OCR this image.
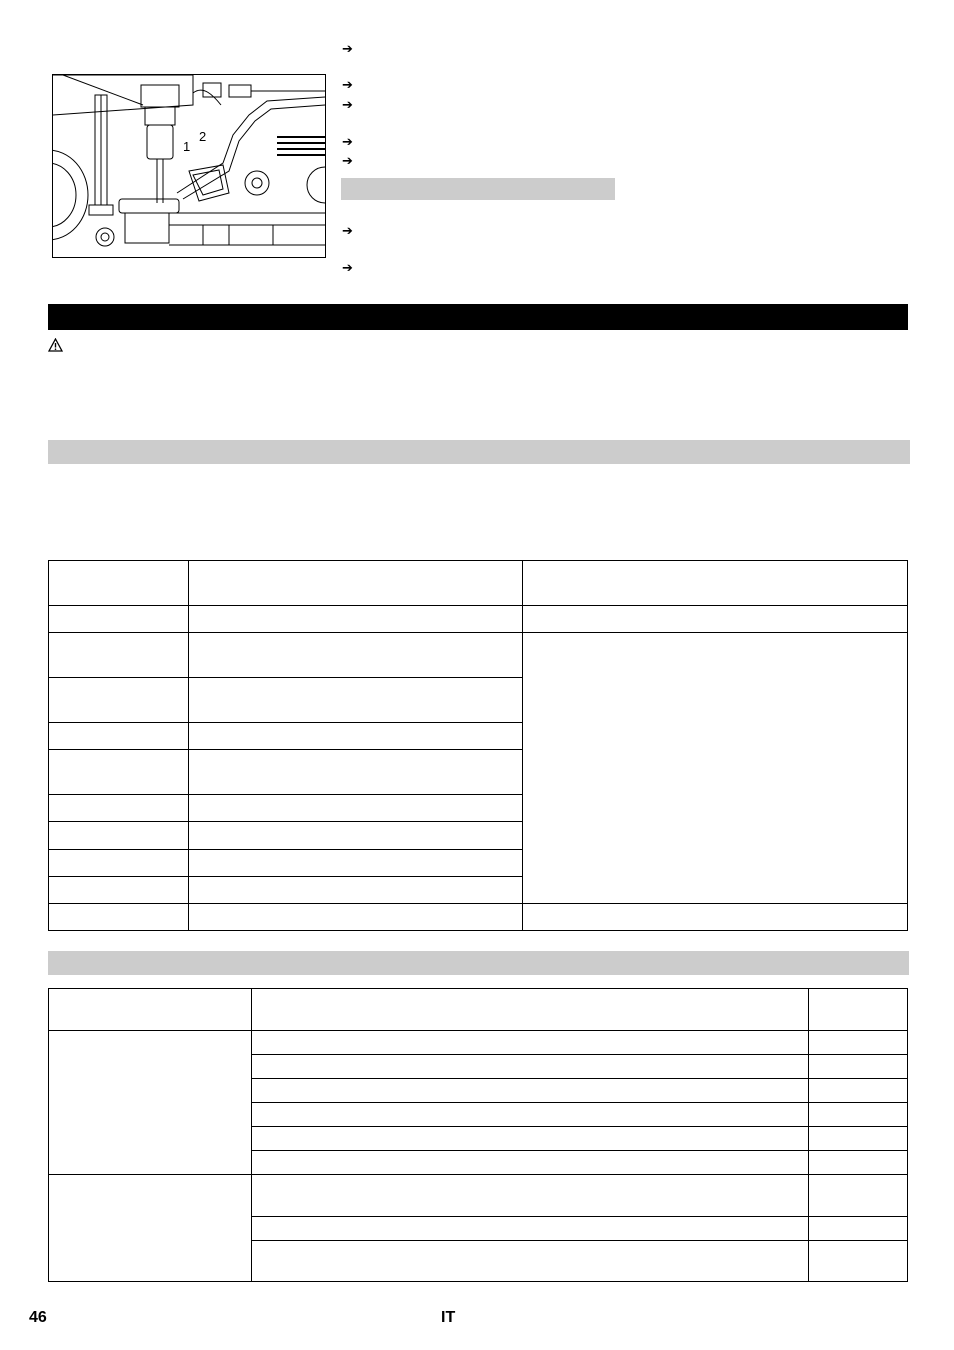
1
2
➔
➔
➔
➔
➔
➔
➔

46	IT
